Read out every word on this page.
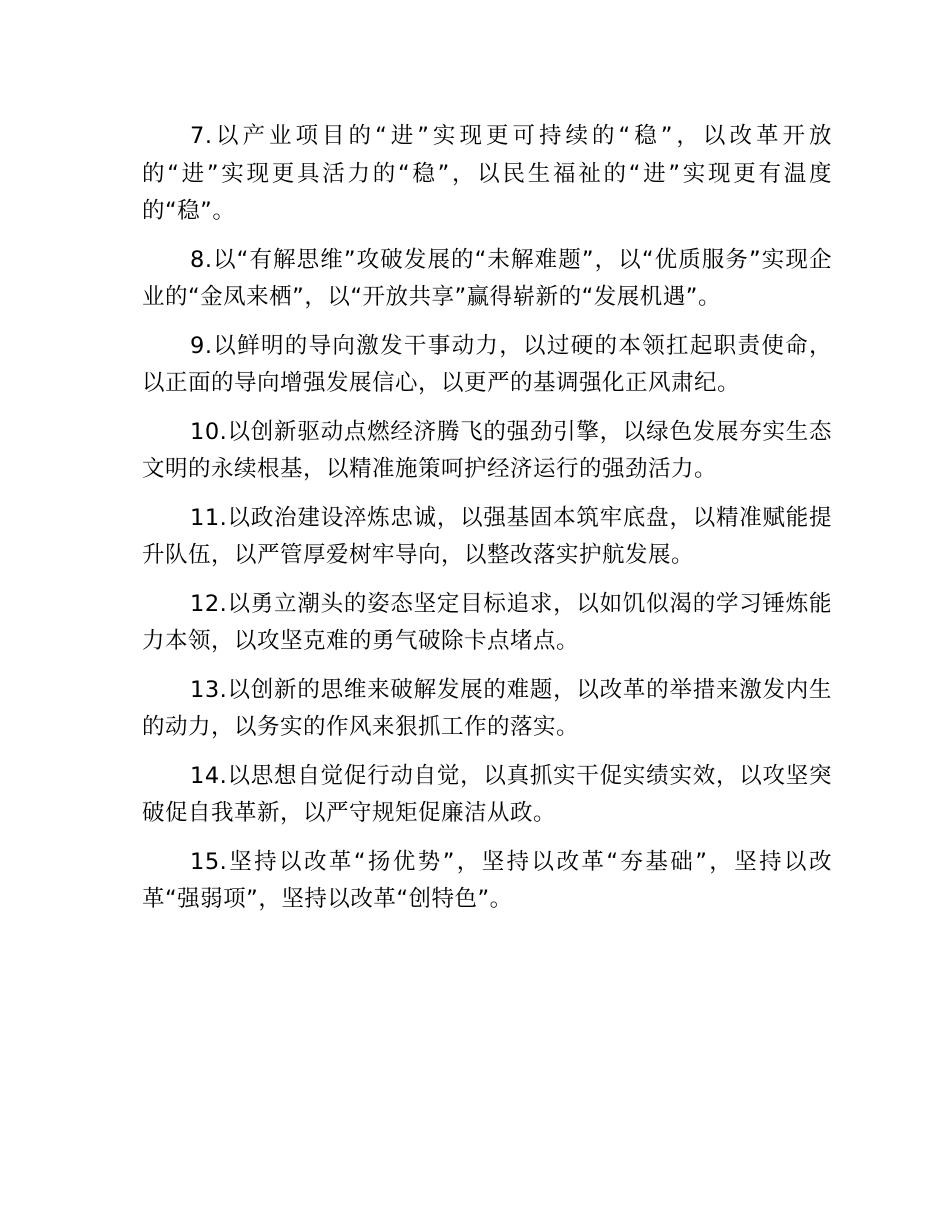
7.以产业项目的“进”实现更可持续的“稳”，以改革开放的“进”实现更具活力的“稳”，以民生福祉的“进”实现更有温度的“稳”。

8.以“有解思维”攻破发展的“未解难题”，以“优质服务”实现企业的“金凤来栖”，以“开放共享”赢得崭新的“发展机遇”。

9.以鲜明的导向激发干事动力，以过硬的本领扛起职责使命，以正面的导向增强发展信心，以更严的基调强化正风肃纪。

10.以创新驱动点燃经济腾飞的强劲引擎，以绿色发展夯实生态文明的永续根基，以精准施策呵护经济运行的强劲活力。

11.以政治建设淬炼忠诚，以强基固本筑牢底盘，以精准赋能提升队伍，以严管厚爱树牢导向，以整改落实护航发展。

12.以勇立潮头的姿态坚定目标追求，以如饥似渴的学习锤炼能力本领，以攻坚克难的勇气破除卡点堵点。

13.以创新的思维来破解发展的难题，以改革的举措来激发内生的动力，以务实的作风来狠抓工作的落实。

14.以思想自觉促行动自觉，以真抓实干促实绩实效，以攻坚突破促自我革新，以严守规矩促廉洁从政。

15.坚持以改革“扬优势”，坚持以改革“夯基础”，坚持以改革“强弱项”，坚持以改革“创特色”。
